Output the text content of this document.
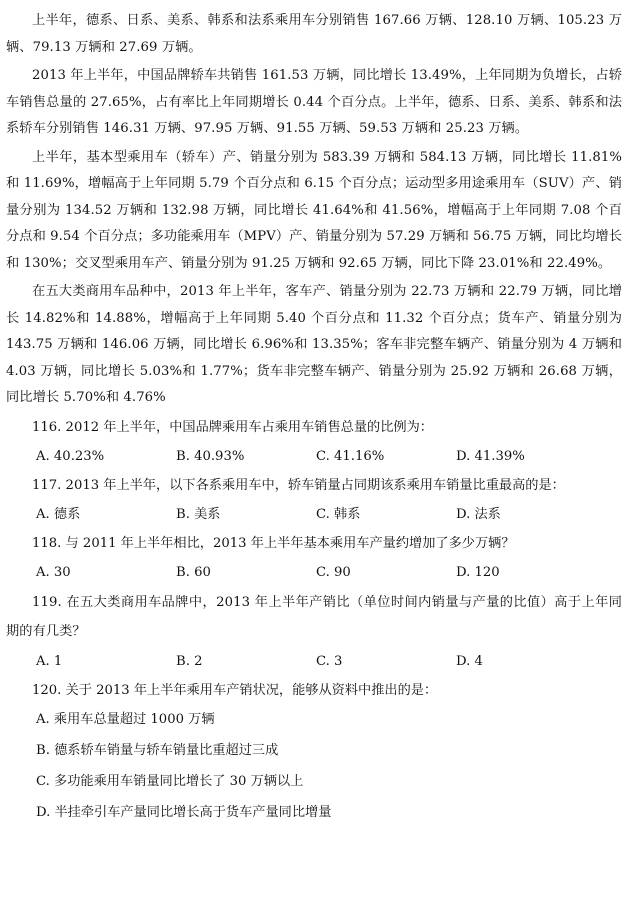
上半年，德系、日系、美系、韩系和法系乘用车分别销售 167.66 万辆、128.10 万辆、105.23 万辆、79.13 万辆和 27.69 万辆。

2013 年上半年，中国品牌轿车共销售 161.53 万辆，同比增长 13.49%，上年同期为负增长，占轿车销售总量的 27.65%，占有率比上年同期增长 0.44 个百分点。上半年，德系、日系、美系、韩系和法系轿车分别销售 146.31 万辆、97.95 万辆、91.55 万辆、59.53 万辆和 25.23 万辆。

上半年，基本型乘用车（轿车）产、销量分别为 583.39 万辆和 584.13 万辆，同比增长 11.81%和 11.69%，增幅高于上年同期 5.79 个百分点和 6.15 个百分点；运动型多用途乘用车（SUV）产、销量分别为 134.52 万辆和 132.98 万辆，同比增长 41.64%和 41.56%，增幅高于上年同期 7.08 个百分点和 9.54 个百分点；多功能乘用车（MPV）产、销量分别为 57.29 万辆和 56.75 万辆，同比均增长和 130%；交叉型乘用车产、销量分别为 91.25 万辆和 92.65 万辆，同比下降 23.01%和 22.49%。

在五大类商用车品种中，2013 年上半年，客车产、销量分别为 22.73 万辆和 22.79 万辆，同比增长 14.82%和 14.88%，增幅高于上年同期 5.40 个百分点和 11.32 个百分点；货车产、销量分别为 143.75 万辆和 146.06 万辆，同比增长 6.96%和 13.35%；客车非完整车辆产、销量分别为 4 万辆和 4.03 万辆，同比增长 5.03%和 1.77%；货车非完整车辆产、销量分别为 25.92 万辆和 26.68 万辆，同比增长 5.70%和 4.76%

116. 2012 年上半年，中国品牌乘用车占乘用车销售总量的比例为：

A. 40.23%	B. 40.93%	C. 41.16%	D. 41.39%

117. 2013 年上半年，以下各系乘用车中，轿车销量占同期该系乘用车销量比重最高的是：

A. 德系	B. 美系	C. 韩系	D. 法系

118. 与 2011 年上半年相比，2013 年上半年基本乘用车产量约增加了多少万辆？

A. 30	B. 60	C. 90	D. 120

119. 在五大类商用车品牌中，2013 年上半年产销比（单位时间内销量与产量的比值）高于上年同期的有几类？

A. 1	B. 2	C. 3	D. 4

120. 关于 2013 年上半年乘用车产销状况，能够从资料中推出的是：

A. 乘用车总量超过 1000 万辆

B. 德系轿车销量与轿车销量比重超过三成

C. 多功能乘用车销量同比增长了 30 万辆以上

D. 半挂牵引车产量同比增长高于货车产量同比增量
